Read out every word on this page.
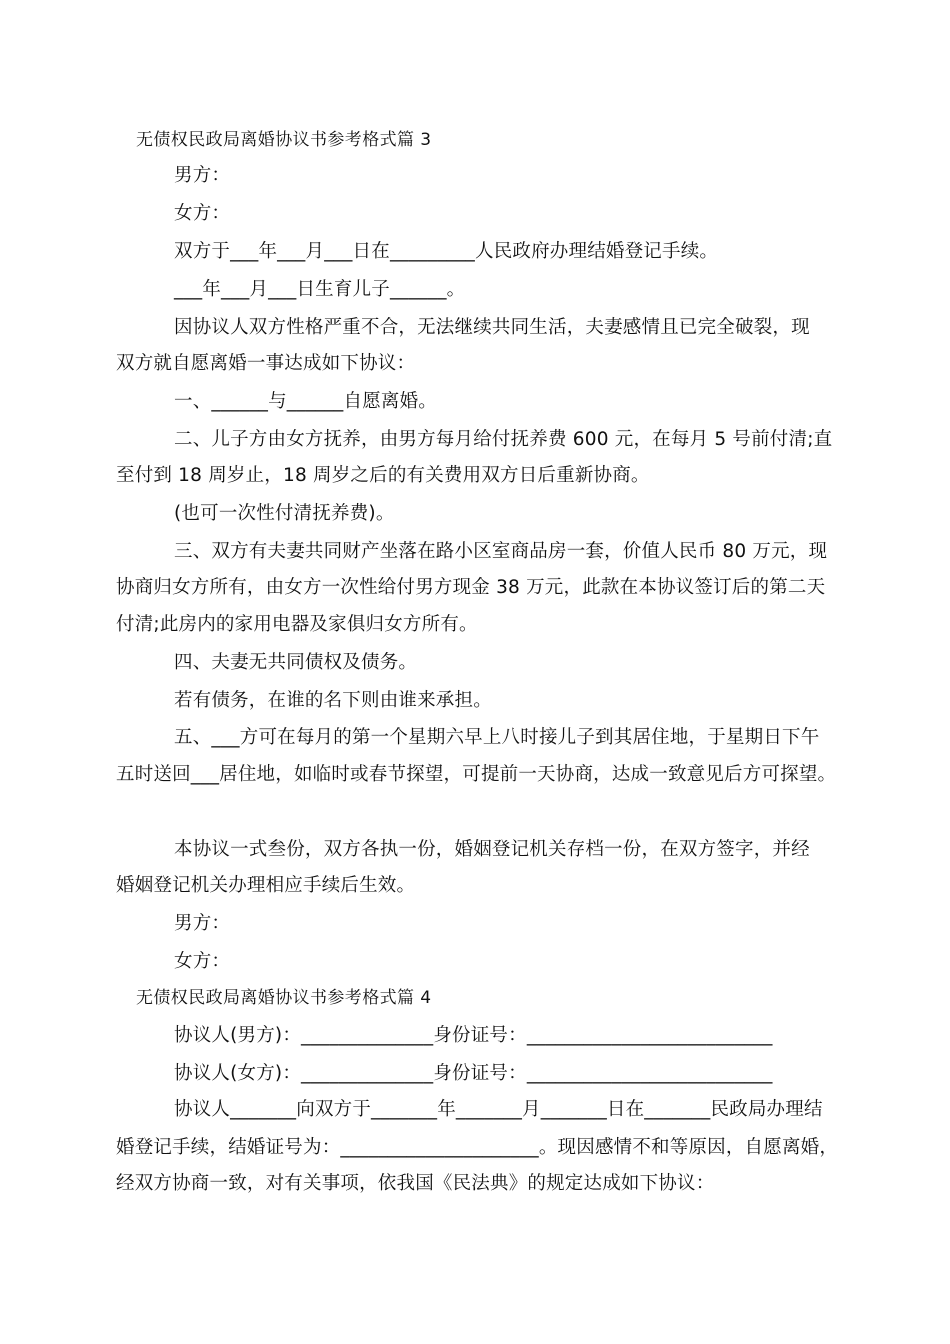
无债权民政局离婚协议书参考格式篇 3
男方：
女方：
双方于___年___月___日在_________人民政府办理结婚登记手续。
___年___月___日生育儿子______。
因协议人双方性格严重不合，无法继续共同生活，夫妻感情且已完全破裂，现
双方就自愿离婚一事达成如下协议：
一、______与______自愿离婚。
二、儿子方由女方抚养，由男方每月给付抚养费 600 元，在每月 5 号前付清;直
至付到 18 周岁止，18 周岁之后的有关费用双方日后重新协商。
(也可一次性付清抚养费)。
三、双方有夫妻共同财产坐落在路小区室商品房一套，价值人民币 80 万元，现
协商归女方所有，由女方一次性给付男方现金 38 万元，此款在本协议签订后的第二天
付清;此房内的家用电器及家俱归女方所有。
四、夫妻无共同债权及债务。
若有债务，在谁的名下则由谁来承担。
五、___方可在每月的第一个星期六早上八时接儿子到其居住地，于星期日下午
五时送回___居住地，如临时或春节探望，可提前一天协商，达成一致意见后方可探望。
本协议一式叁份，双方各执一份，婚姻登记机关存档一份，在双方签字，并经
婚姻登记机关办理相应手续后生效。
男方：
女方：
无债权民政局离婚协议书参考格式篇 4
协议人(男方)：______________身份证号：__________________________
协议人(女方)：______________身份证号：__________________________
协议人_______向双方于_______年_______月_______日在_______民政局办理结
婚登记手续，结婚证号为：_____________________。现因感情不和等原因，自愿离婚，
经双方协商一致，对有关事项，依我国《民法典》的规定达成如下协议：
